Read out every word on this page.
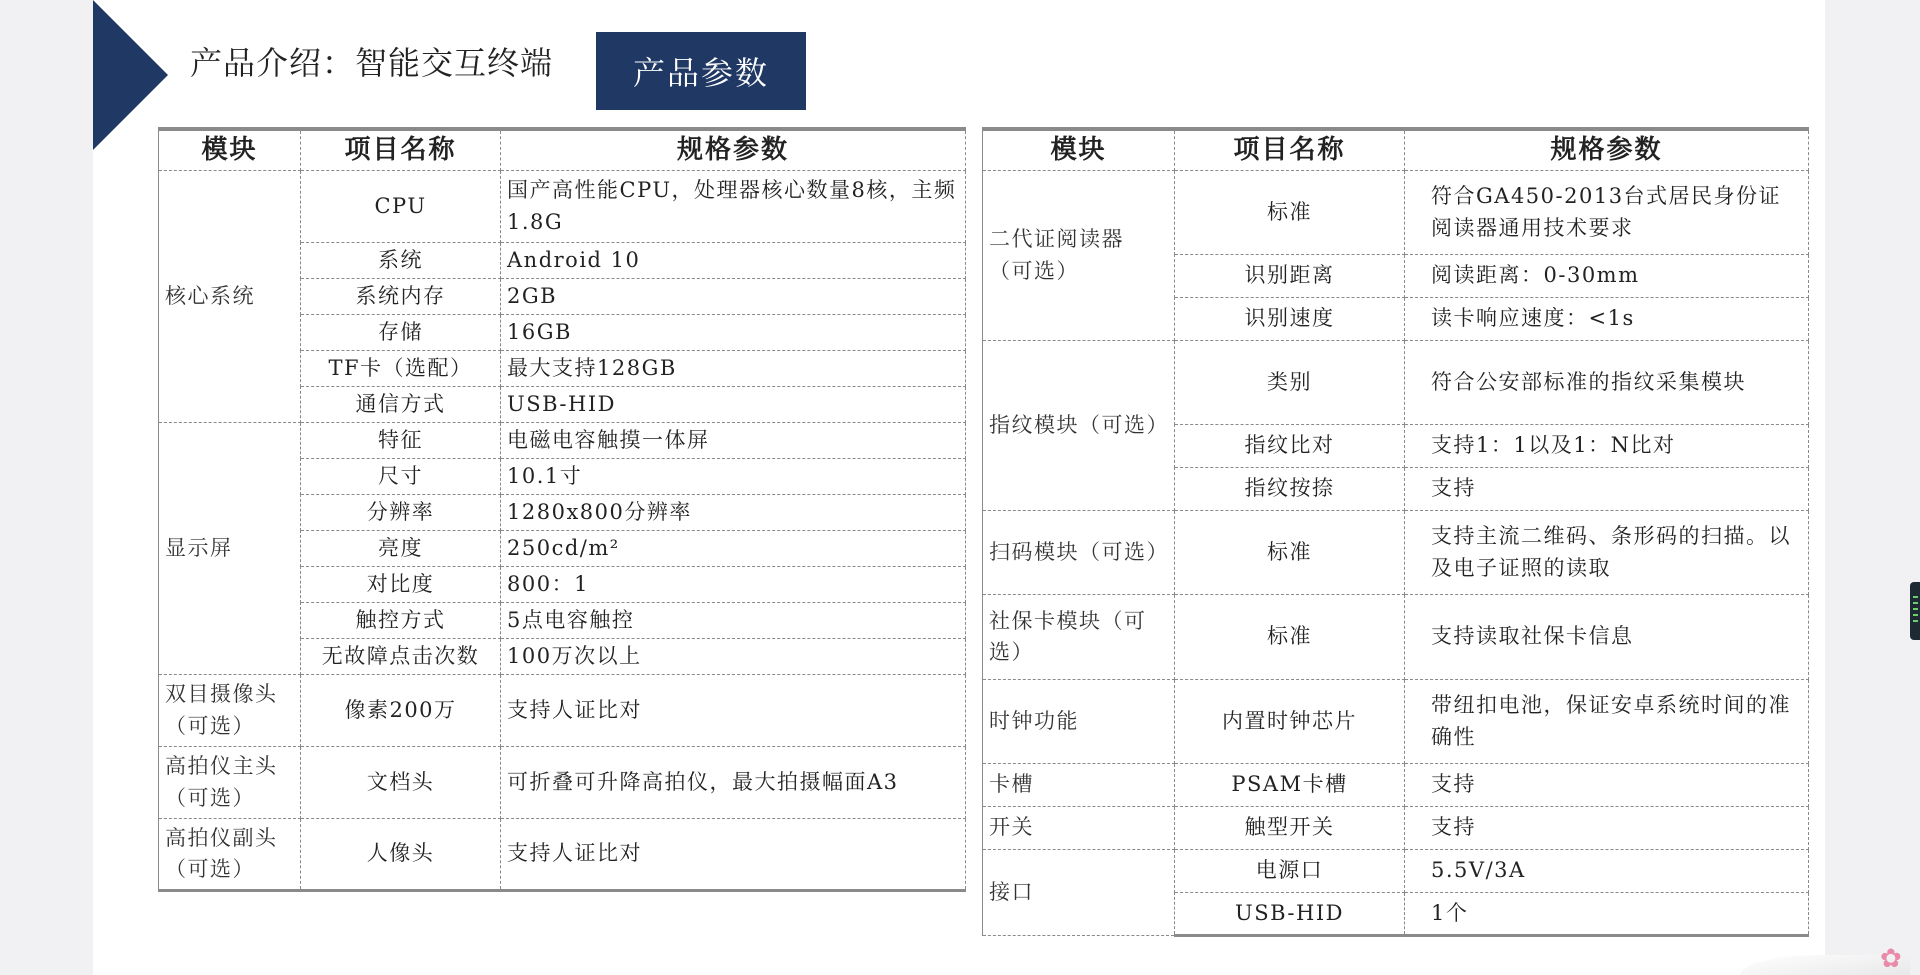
产品介绍：智能交互终端	产品参数
模块	项目名称	规格参数
核心系统	CPU	国产高性能CPU，处理器核心数量8核，主频1.8G
	系统	Android 10
	系统内存	2GB
	存储	16GB
	TF卡（选配）	最大支持128GB
	通信方式	USB-HID
显示屏	特征	电磁电容触摸一体屏
	尺寸	10.1寸
	分辨率	1280x800分辨率
	亮度	250cd/m²
	对比度	800：1
	触控方式	5点电容触控
	无故障点击次数	100万次以上
双目摄像头（可选）	像素200万	支持人证比对
高拍仪主头（可选）	文档头	可折叠可升降高拍仪，最大拍摄幅面A3
高拍仪副头（可选）	人像头	支持人证比对
模块	项目名称	规格参数
二代证阅读器（可选）	标准	符合GA450-2013台式居民身份证阅读器通用技术要求
	识别距离	阅读距离：0-30mm
	识别速度	读卡响应速度：<1s
指纹模块（可选）	类别	符合公安部标准的指纹采集模块
	指纹比对	支持1：1以及1：N比对
	指纹按捺	支持
扫码模块（可选）	标准	支持主流二维码、条形码的扫描。以及电子证照的读取
社保卡模块（可选）	标准	支持读取社保卡信息
时钟功能	内置时钟芯片	带纽扣电池，保证安卓系统时间的准确性
卡槽	PSAM卡槽	支持
开关	触型开关	支持
接口	电源口	5.5V/3A
	USB-HID	1个
✿
